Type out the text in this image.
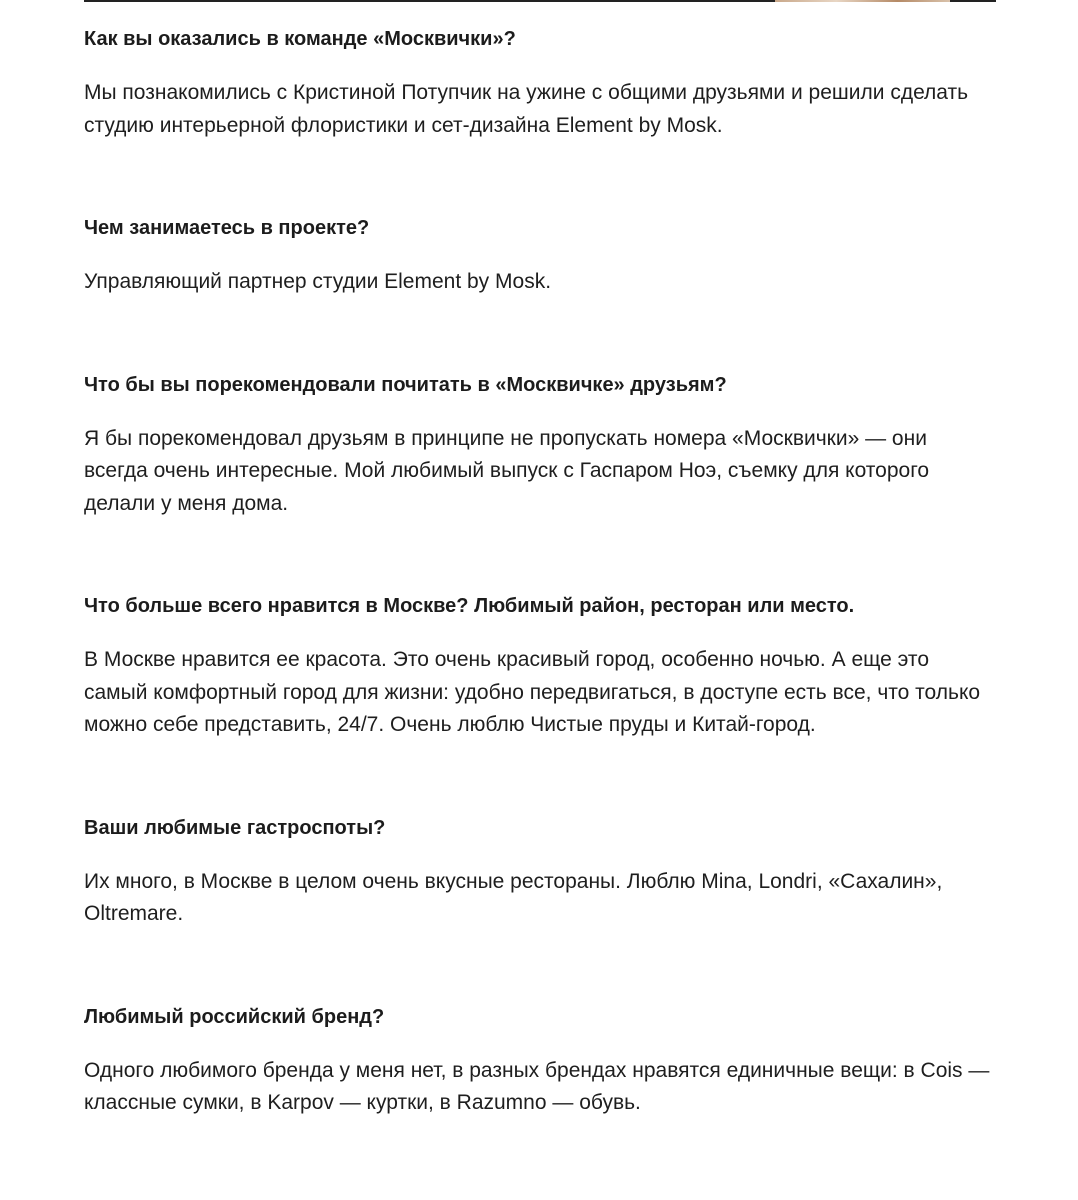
Как вы оказались в команде «Москвички»?

Мы познакомились с Кристиной Потупчик на ужине с общими друзьями и решили сделать студию интерьерной флористики и сет-дизайна Element by Mosk.

Чем занимаетесь в проекте?

Управляющий партнер студии Element by Mosk.

Что бы вы порекомендовали почитать в «Москвичке» друзьям?

Я бы порекомендовал друзьям в принципе не пропускать номера «Москвички» — они всегда очень интересные. Мой любимый выпуск с Гаспаром Ноэ, съемку для которого делали у меня дома.

Что больше всего нравится в Москве? Любимый район, ресторан или место.

В Москве нравится ее красота. Это очень красивый город, особенно ночью. А еще это самый комфортный город для жизни: удобно передвигаться, в доступе есть все, что только можно себе представить, 24/7. Очень люблю Чистые пруды и Китай-город.

Ваши любимые гастроспоты?

Их много, в Москве в целом очень вкусные рестораны. Люблю Mina, Londri, «Сахалин», Oltremare.

Любимый российский бренд?

Одного любимого бренда у меня нет, в разных брендах нравятся единичные вещи: в Cois — классные сумки, в Karpov — куртки, в Razumno — обувь.
